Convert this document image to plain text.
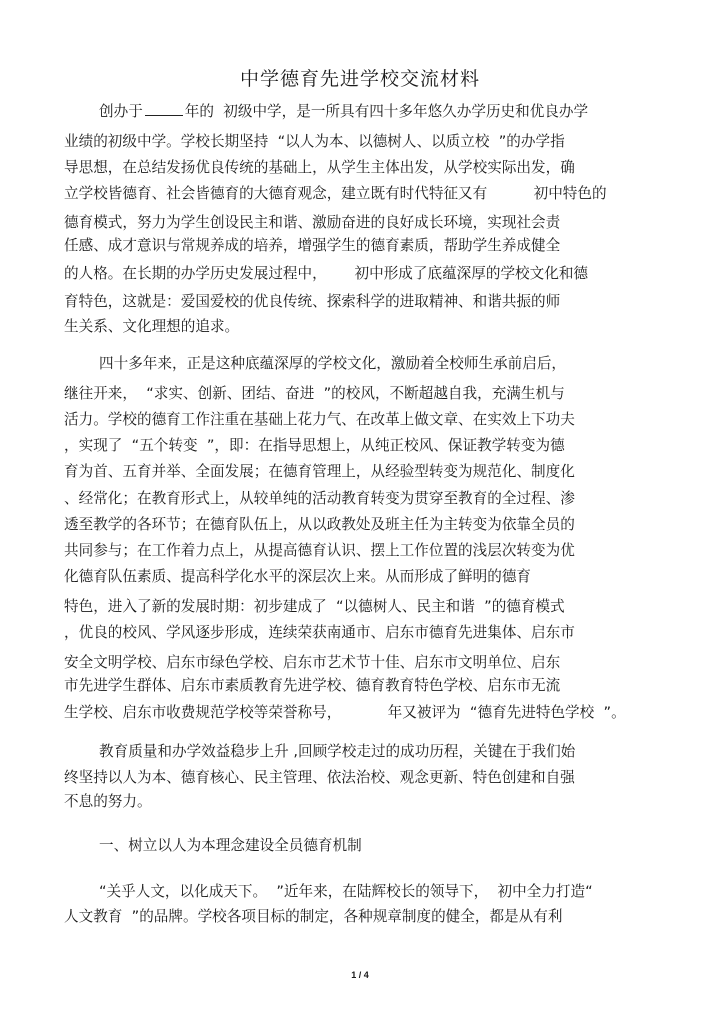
中学德育先进学校交流材料
创办于	年的  初级中学，是一所具有四十多年悠久办学历史和优良办学
业绩的初级中学。学校长期坚持  “以人为本、以德树人、以质立校  ”的办学指
导思想，在总结发扬优良传统的基础上，从学生主体出发，从学校实际出发，确
立学校皆德育、社会皆德育的大德育观念，建立既有时代特征又有          初中特色的
德育模式，努力为学生创设民主和谐、激励奋进的良好成长环境，实现社会责
任感、成才意识与常规养成的培养，增强学生的德育素质，帮助学生养成健全
的人格。在长期的办学历史发展过程中，      初中形成了底蕴深厚的学校文化和德
育特色，这就是：爱国爱校的优良传统、探索科学的进取精神、和谐共振的师
生关系、文化理想的追求。
四十多年来，正是这种底蕴深厚的学校文化，激励着全校师生承前启后，
继往开来，  “求实、创新、团结、奋进  ”的校风，不断超越自我，充满生机与
活力。学校的德育工作注重在基础上花力气、在改革上做文章、在实效上下功夫
，实现了  “五个转变  ”，即：在指导思想上，从纯正校风、保证教学转变为德
育为首、五育并举、全面发展；在德育管理上，从经验型转变为规范化、制度化
、经常化；在教育形式上，从较单纯的活动教育转变为贯穿至教育的全过程、渗
透至教学的各环节；在德育队伍上，从以政教处及班主任为主转变为依靠全员的
共同参与；在工作着力点上，从提高德育认识、摆上工作位置的浅层次转变为优
化德育队伍素质、提高科学化水平的深层次上来。从而形成了鲜明的德育
特色，进入了新的发展时期：初步建成了  “以德树人、民主和谐  ”的德育模式
，优良的校风、学风逐步形成，连续荣获南通市、启东市德育先进集体、启东市
安全文明学校、启东市绿色学校、启东市艺术节十佳、启东市文明单位、启东
市先进学生群体、启东市素质教育先进学校、德育教育特色学校、启东市无流
生学校、启东市收费规范学校等荣誉称号，          年又被评为  “德育先进特色学校  ”。
教育质量和办学效益稳步上升 ,回顾学校走过的成功历程，关键在于我们始
终坚持以人为本、德育核心、民主管理、依法治校、观念更新、特色创建和自强
不息的努力。
一、树立以人为本理念建设全员德育机制
“关乎人文，以化成天下。  ”近年来，在陆辉校长的领导下，  初中全力打造“
人文教育  ”的品牌。学校各项目标的制定，各种规章制度的健全，都是从有利
1 / 4
